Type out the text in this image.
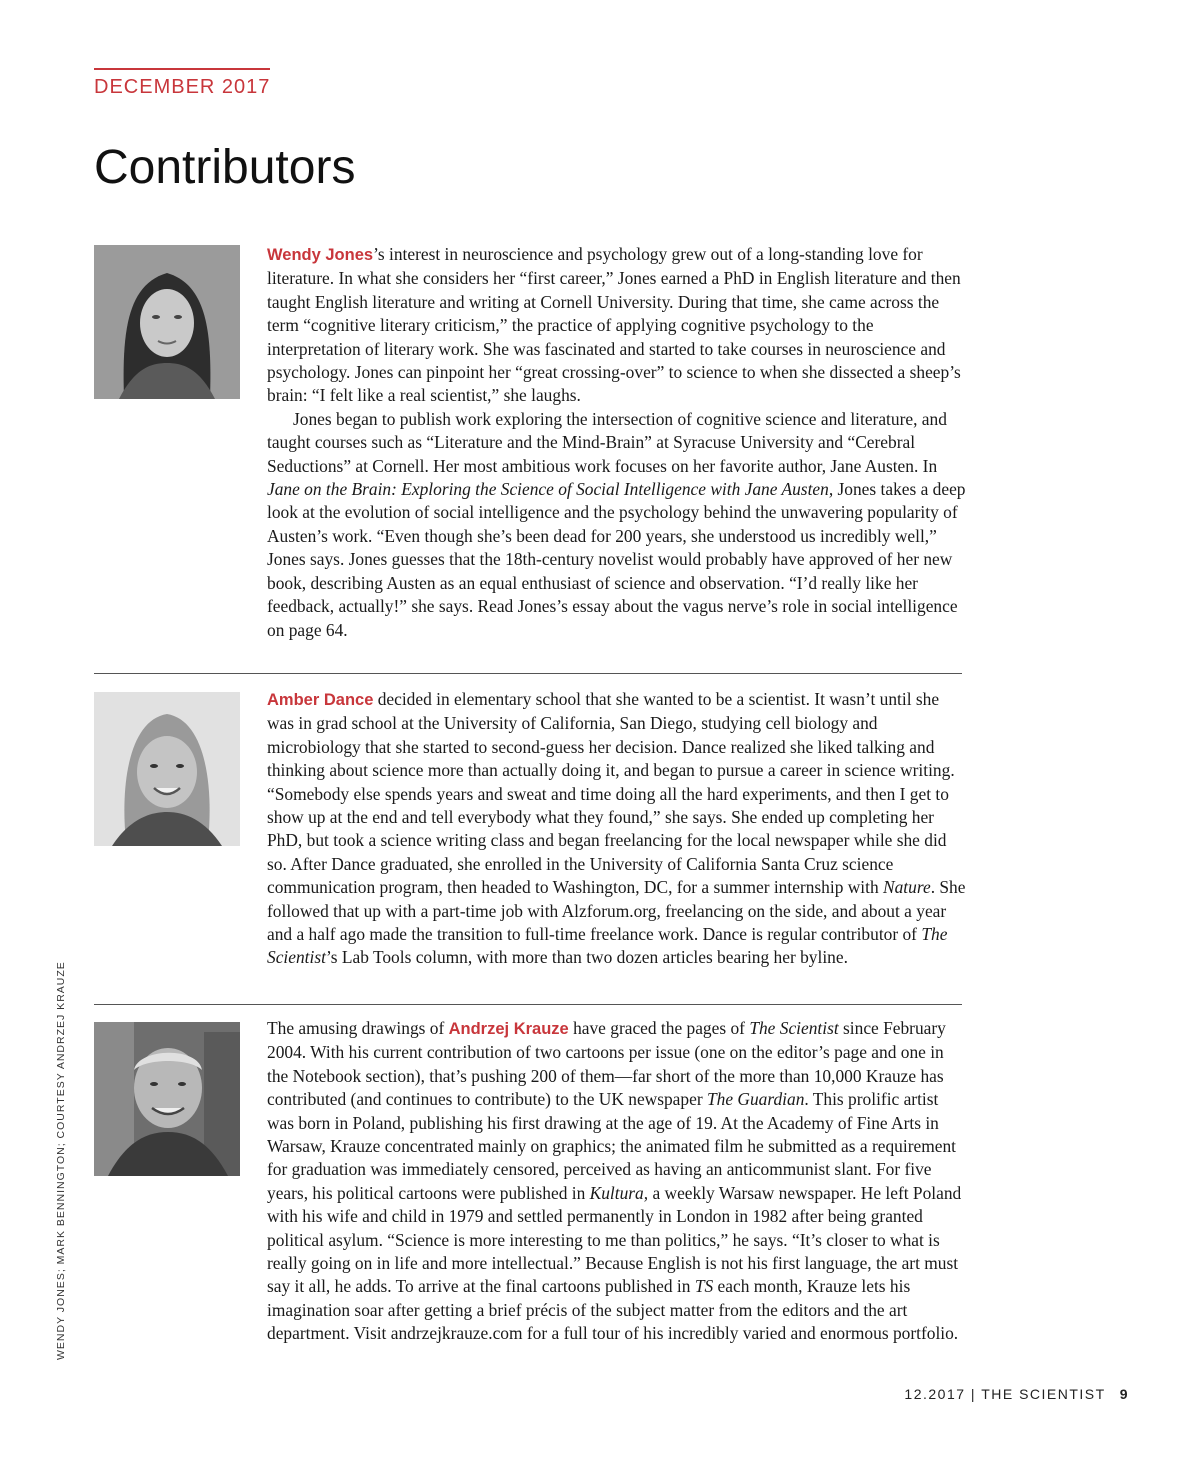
DECEMBER 2017
Contributors

Wendy Jones’s interest in neuroscience and psychology grew out of a long-standing love for literature. In what she considers her “first career,” Jones earned a PhD in English literature and then taught English literature and writing at Cornell University. During that time, she came across the term “cognitive literary criticism,” the practice of applying cognitive psychology to the interpretation of literary work. She was fascinated and started to take courses in neuroscience and psychology. Jones can pinpoint her “great crossing-over” to science to when she dissected a sheep’s brain: “I felt like a real scientist,” she laughs.

Jones began to publish work exploring the intersection of cognitive science and literature, and taught courses such as “Literature and the Mind-Brain” at Syracuse University and “Cerebral Seductions” at Cornell. Her most ambitious work focuses on her favorite author, Jane Austen. In Jane on the Brain: Exploring the Science of Social Intelligence with Jane Austen, Jones takes a deep look at the evolution of social intelligence and the psychology behind the unwavering popularity of Austen’s work. “Even though she’s been dead for 200 years, she understood us incredibly well,” Jones says. Jones guesses that the 18th-century novelist would probably have approved of her new book, describing Austen as an equal enthusiast of science and observation. “I’d really like her feedback, actually!” she says. Read Jones’s essay about the vagus nerve’s role in social intelligence on page 64.

Amber Dance decided in elementary school that she wanted to be a scientist. It wasn’t until she was in grad school at the University of California, San Diego, studying cell biology and microbiology that she started to second-guess her decision. Dance realized she liked talking and thinking about science more than actually doing it, and began to pursue a career in science writing. “Somebody else spends years and sweat and time doing all the hard experiments, and then I get to show up at the end and tell everybody what they found,” she says. She ended up completing her PhD, but took a science writing class and began freelancing for the local newspaper while she did so. After Dance graduated, she enrolled in the University of California Santa Cruz science communication program, then headed to Washington, DC, for a summer internship with Nature. She followed that up with a part-time job with Alzforum.org, freelancing on the side, and about a year and a half ago made the transition to full-time freelance work. Dance is regular contributor of The Scientist’s Lab Tools column, with more than two dozen articles bearing her byline.

The amusing drawings of Andrzej Krauze have graced the pages of The Scientist since February 2004. With his current contribution of two cartoons per issue (one on the editor’s page and one in the Notebook section), that’s pushing 200 of them—far short of the more than 10,000 Krauze has contributed (and continues to contribute) to the UK newspaper The Guardian. This prolific artist was born in Poland, publishing his first drawing at the age of 19. At the Academy of Fine Arts in Warsaw, Krauze concentrated mainly on graphics; the animated film he submitted as a requirement for graduation was immediately censored, perceived as having an anticommunist slant. For five years, his political cartoons were published in Kultura, a weekly Warsaw newspaper. He left Poland with his wife and child in 1979 and settled permanently in London in 1982 after being granted political asylum. “Science is more interesting to me than politics,” he says. “It’s closer to what is really going on in life and more intellectual.” Because English is not his first language, the art must say it all, he adds. To arrive at the final cartoons published in TS each month, Krauze lets his imagination soar after getting a brief précis of the subject matter from the editors and the art department. Visit andrzejkrauze.com for a full tour of his incredibly varied and enormous portfolio.

WENDY JONES; MARK BENNINGTON; COURTESY ANDRZEJ KRAUZE
12.2017 | THE SCIENTIST 9
